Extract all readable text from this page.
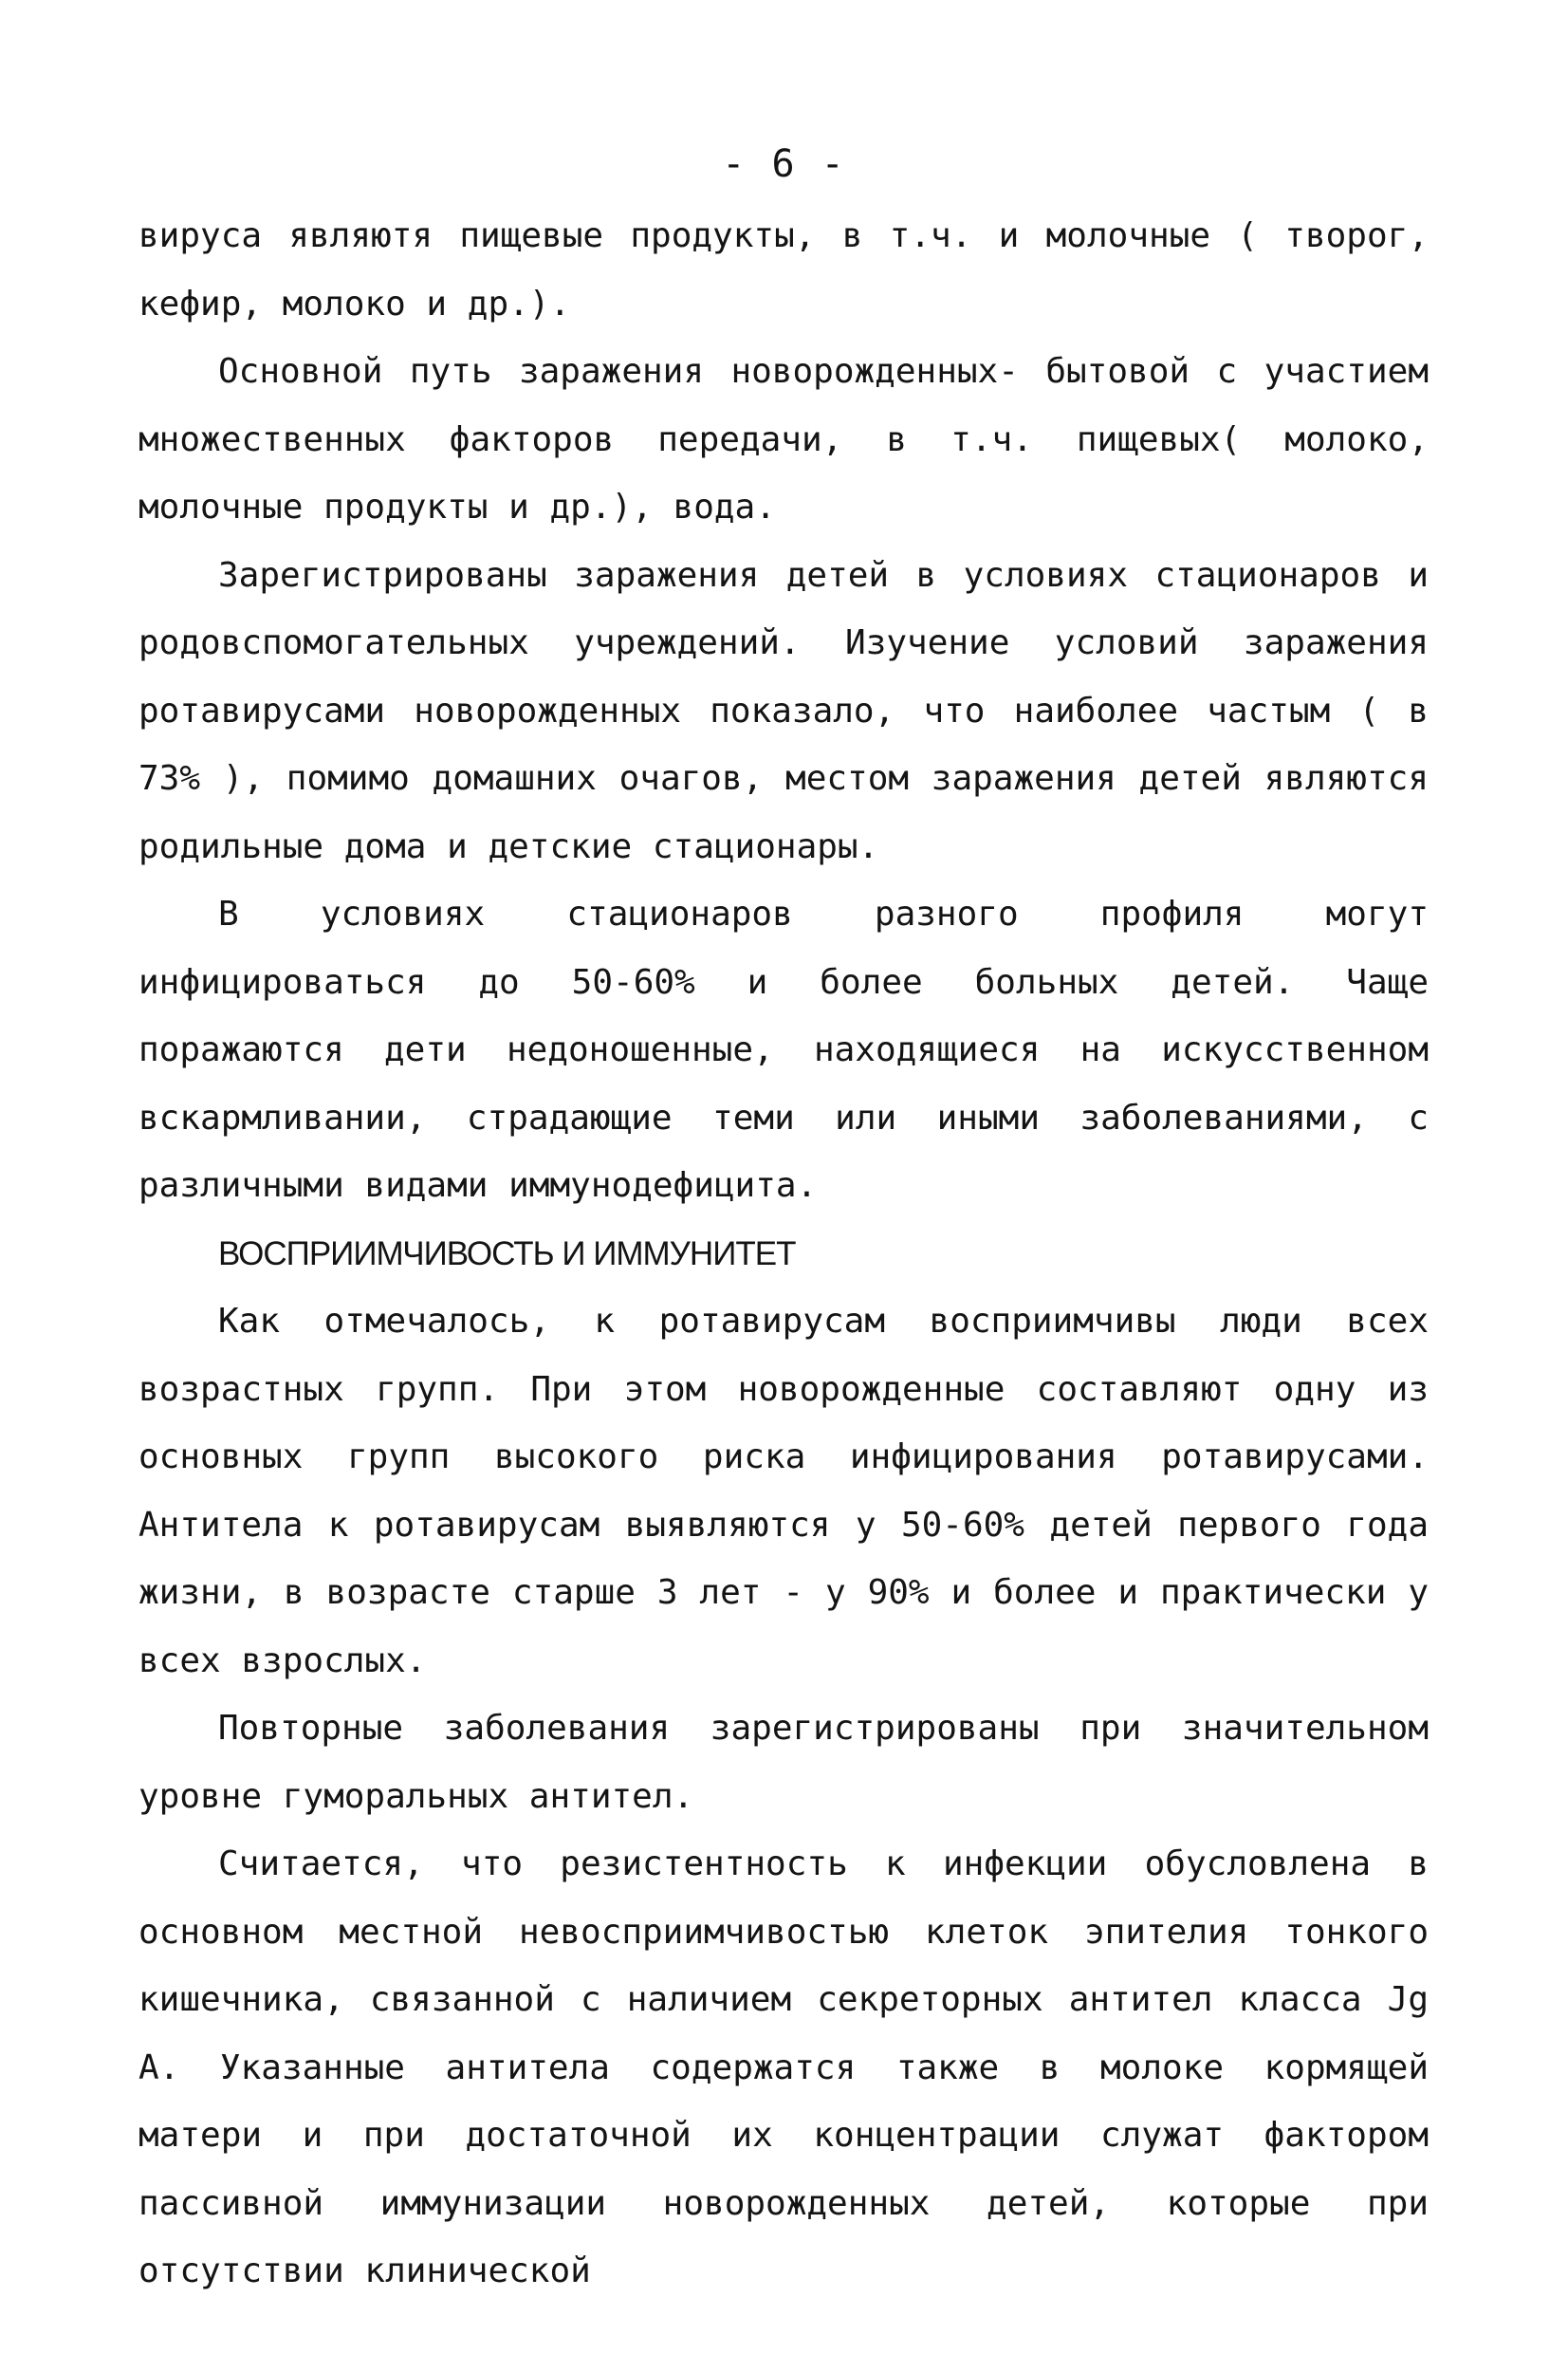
- 6 -

вируса являютя пищевые продукты, в т.ч. и молочные ( творог, кефир, молоко и др.).

Основной путь заражения новорожденных- бытовой с участием множественных факторов передачи, в т.ч. пищевых( молоко, молочные продукты и др.), вода.

Зарегистрированы заражения детей в условиях стационаров и родовспомогательных учреждений. Изучение условий заражения ротавирусами новорожденных показало, что наиболее частым ( в 73% ), помимо домашних очагов, местом заражения детей являются родильные дома и детские стационары.

В условиях стационаров разного профиля могут инфицироваться до 50-60% и более больных детей. Чаще поражаются дети недоношенные, находящиеся на искусственном вскармливании, страдающие теми или иными заболеваниями, с различными видами иммунодефицита.

ВОСПРИИМЧИВОСТЬ И ИММУНИТЕТ

Как отмечалось, к ротавирусам восприимчивы люди всех возрастных групп. При этом новорожденные составляют одну из основных групп высокого риска инфицирования ротавирусами. Антитела к ротавирусам выявляются у 50-60% детей первого года жизни, в возрасте старше 3 лет - у 90% и более и практически у всех взрослых.

Повторные заболевания зарегистрированы при значительном уровне гуморальных антител.

Считается, что резистентность к инфекции обусловлена в основном местной невосприимчивостью клеток эпителия тонкого кишечника, связанной с наличием секреторных антител класса Jg A. Указанные антитела содержатся также в молоке кормящей матери и при достаточной их концентрации служат фактором пассивной иммунизации новорожденных детей, которые при отсутствии клинической
